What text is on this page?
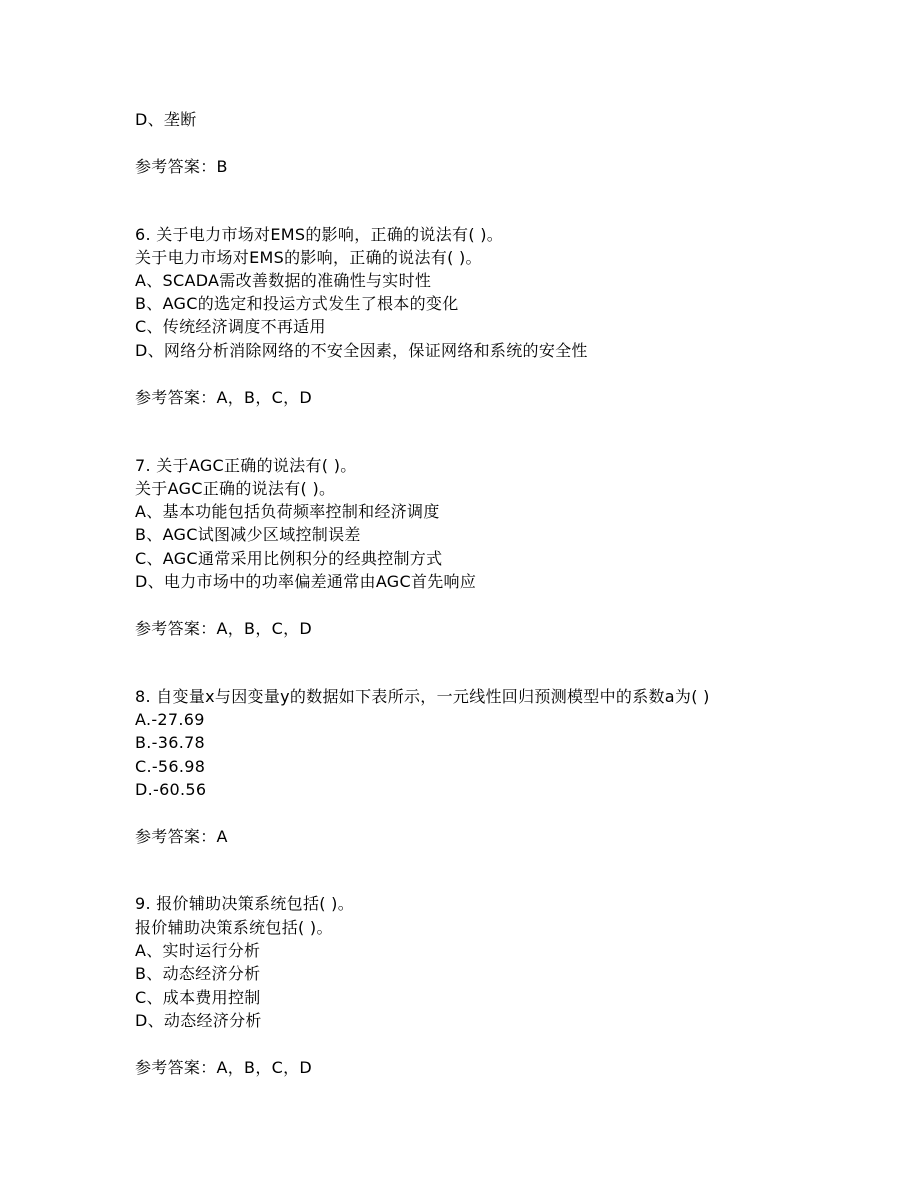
D、垄断
参考答案：B
6. 关于电力市场对EMS的影响，正确的说法有( )。
关于电力市场对EMS的影响，正确的说法有( )。
A、SCADA需改善数据的准确性与实时性
B、AGC的选定和投运方式发生了根本的变化
C、传统经济调度不再适用
D、网络分析消除网络的不安全因素，保证网络和系统的安全性
参考答案：A，B，C，D
7. 关于AGC正确的说法有( )。
关于AGC正确的说法有( )。
A、基本功能包括负荷频率控制和经济调度
B、AGC试图减少区域控制误差
C、AGC通常采用比例积分的经典控制方式
D、电力市场中的功率偏差通常由AGC首先响应
参考答案：A，B，C，D
8. 自变量x与因变量y的数据如下表所示，一元线性回归预测模型中的系数a为( )
A.-27.69
B.-36.78
C.-56.98
D.-60.56
参考答案：A
9. 报价辅助决策系统包括( )。
报价辅助决策系统包括( )。
A、实时运行分析
B、动态经济分析
C、成本费用控制
D、动态经济分析
参考答案：A，B，C，D
